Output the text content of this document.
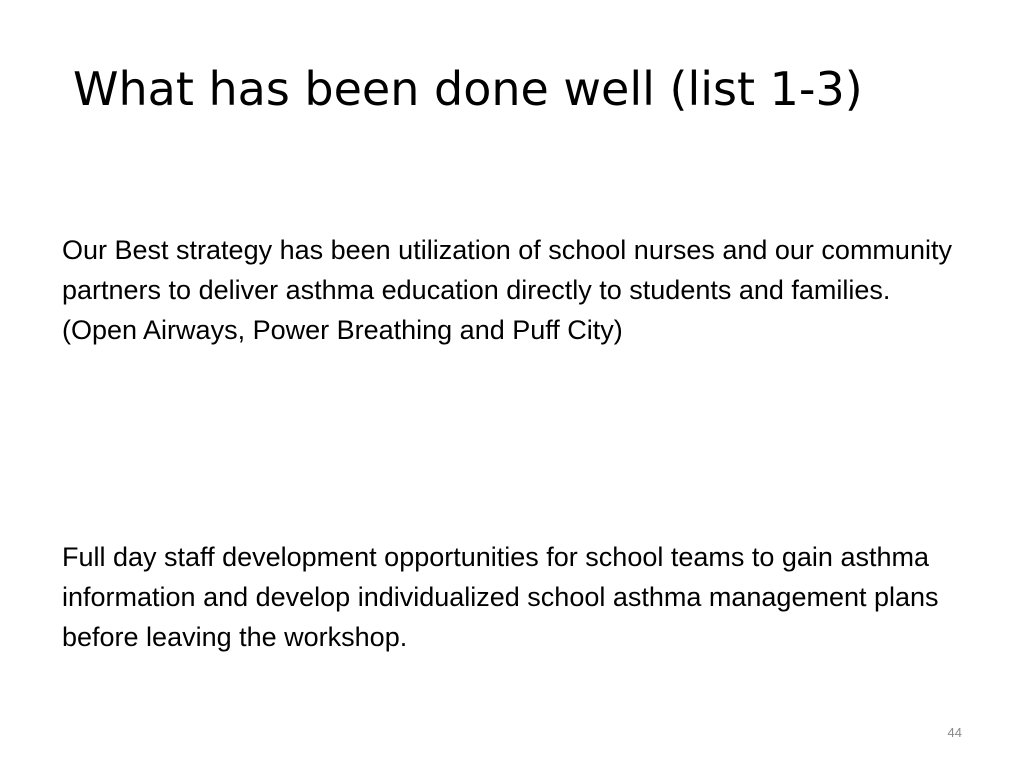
What has been done well (list 1-3)

Our Best strategy has been utilization of school nurses and our community partners to deliver asthma education directly to students and families. (Open Airways, Power Breathing and Puff City)

Full day staff development opportunities for school teams to gain asthma information and develop individualized school asthma management plans before leaving the workshop.

44
